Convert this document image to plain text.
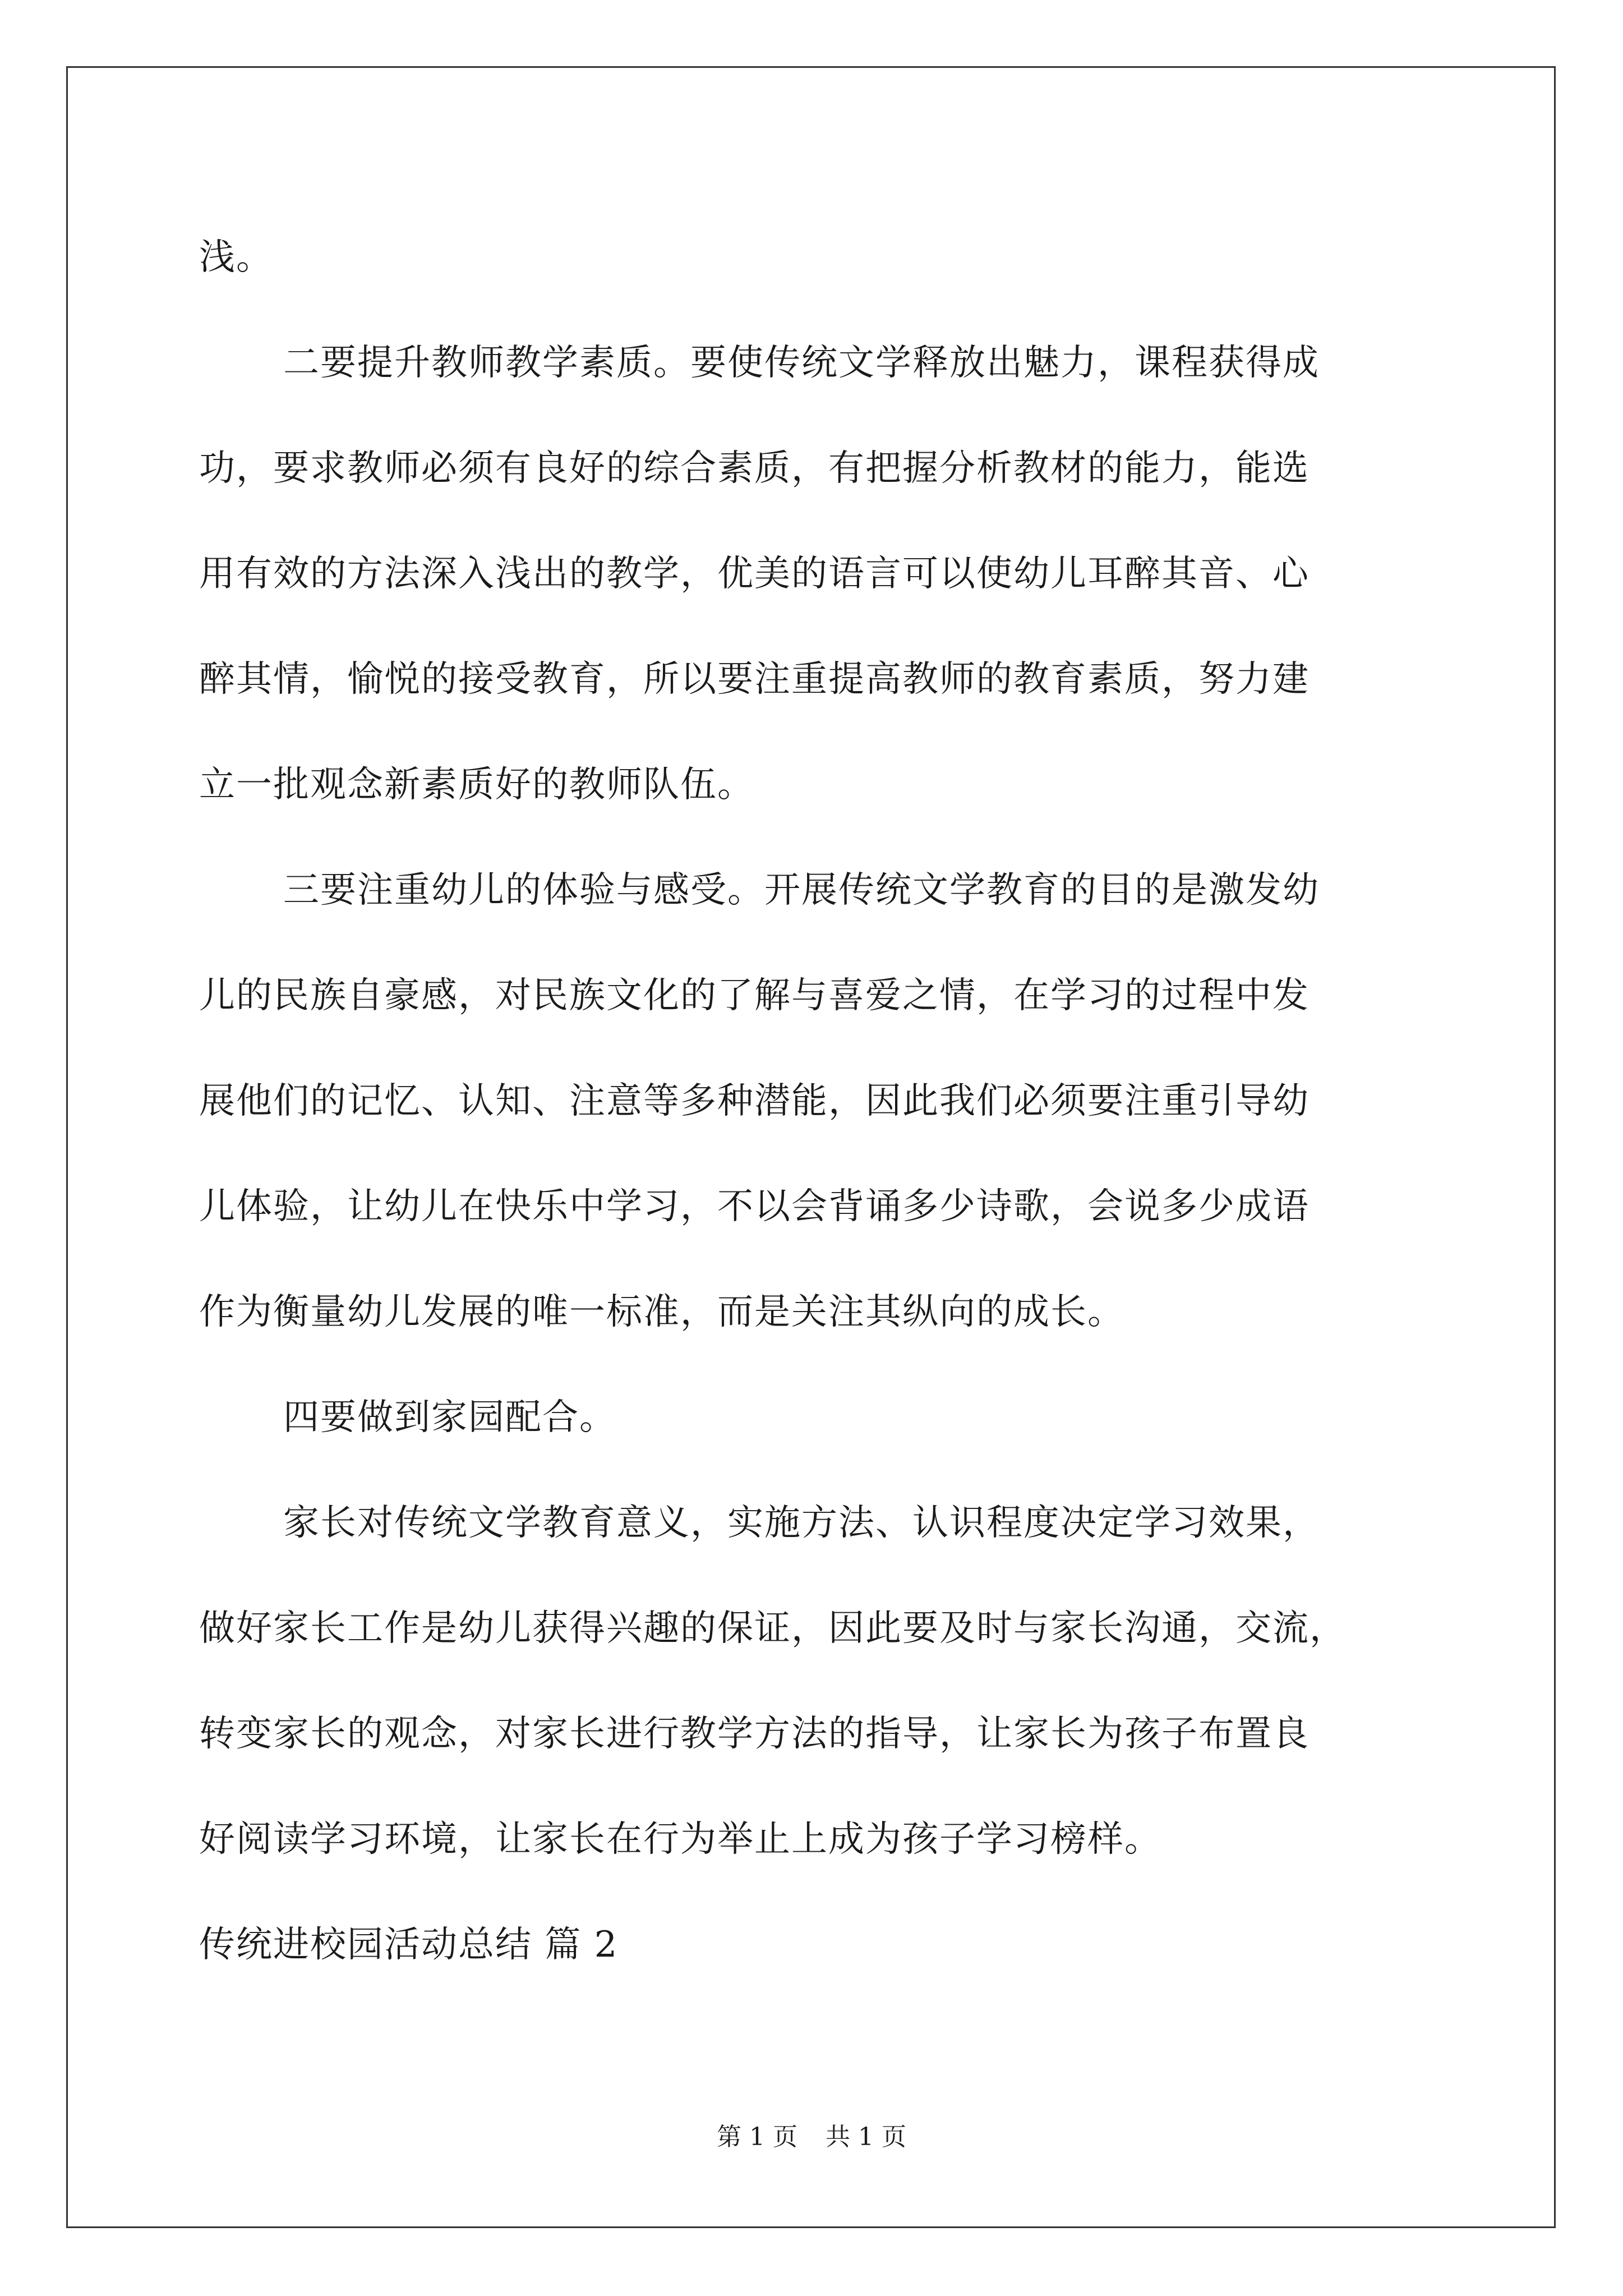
浅。
二要提升教师教学素质。要使传统文学释放出魅力，课程获得成
功，要求教师必须有良好的综合素质，有把握分析教材的能力，能选
用有效的方法深入浅出的教学，优美的语言可以使幼儿耳醉其音、心
醉其情，愉悦的接受教育，所以要注重提高教师的教育素质，努力建
立一批观念新素质好的教师队伍。
三要注重幼儿的体验与感受。开展传统文学教育的目的是激发幼
儿的民族自豪感，对民族文化的了解与喜爱之情，在学习的过程中发
展他们的记忆、认知、注意等多种潜能，因此我们必须要注重引导幼
儿体验，让幼儿在快乐中学习，不以会背诵多少诗歌，会说多少成语
作为衡量幼儿发展的唯一标准，而是关注其纵向的成长。
四要做到家园配合。
家长对传统文学教育意义，实施方法、认识程度决定学习效果，
做好家长工作是幼儿获得兴趣的保证，因此要及时与家长沟通，交流，
转变家长的观念，对家长进行教学方法的指导，让家长为孩子布置良
好阅读学习环境，让家长在行为举止上成为孩子学习榜样。
传统进校园活动总结 篇 2
第 1 页 共 1 页
